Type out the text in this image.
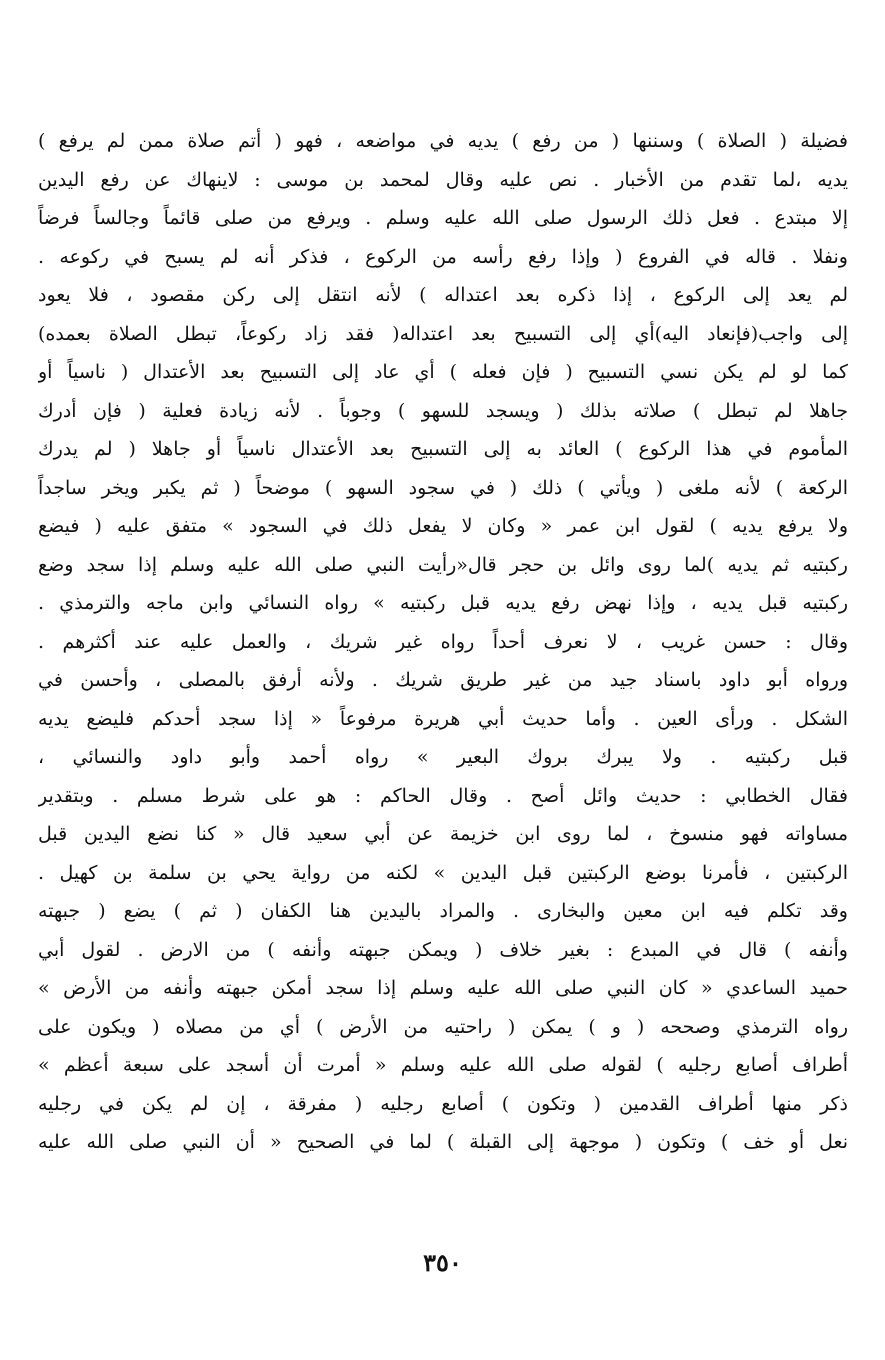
فضيلة ( الصلاة ) وسننها ( من رفع ) يديه في مواضعه ، فهو ( أتم صلاة ممن لم يرفع )
يديه ،لما تقدم من الأخبار . نص عليه وقال لمحمد بن موسى : لاينهاك عن رفع اليدين
إلا مبتدع . فعل ذلك الرسول صلى الله عليه وسلم . ويرفع من صلى قائماً وجالساً فرضاً
ونفلا . قاله في الفروع ( وإذا رفع رأسه من الركوع ، فذكر أنه لم يسبح في ركوعه .
لم يعد إلى الركوع ، إذا ذكره بعد اعتداله ) لأنه انتقل إلى ركن مقصود ، فلا يعود
إلى واجب(فإنعاد اليه)أي إلى التسبيح بعد اعتداله( فقد زاد ركوعاً، تبطل الصلاة بعمده)
كما لو لم يكن نسي التسبيح ( فإن فعله ) أي عاد إلى التسبيح بعد الأعتدال ( ناسياً أو
جاهلا لم تبطل ) صلاته بذلك ( ويسجد للسهو ) وجوباً . لأنه زيادة فعلية ( فإن أدرك
المأموم في هذا الركوع ) العائد به إلى التسبيح بعد الأعتدال ناسياً أو جاهلا ( لم يدرك
الركعة ) لأنه ملغى ( ويأتي ) ذلك ( في سجود السهو ) موضحاً ( ثم يكبر ويخر ساجداً
ولا يرفع يديه ) لقول ابن عمر « وكان لا يفعل ذلك في السجود » متفق عليه ( فيضع
ركبتيه ثم يديه )لما روى وائل بن حجر قال«رأيت النبي صلى الله عليه وسلم إذا سجد وضع
ركبتيه قبل يديه ، وإذا نهض رفع يديه قبل ركبتيه » رواه النسائي وابن ماجه والترمذي .
وقال : حسن غريب ، لا نعرف أحداً رواه غير شريك ، والعمل عليه عند أكثرهم .
ورواه أبو داود باسناد جيد من غير طريق شريك . ولأنه أرفق بالمصلى ، وأحسن في
الشكل . ورأى العين . وأما حديث أبي هريرة مرفوعاً « إذا سجد أحدكم فليضع يديه
قبل ركبتيه . ولا يبرك بروك البعير » رواه أحمد وأبو داود والنسائي ،
فقال الخطابي : حديث وائل أصح . وقال الحاكم : هو على شرط مسلم . وبتقدير
مساواته فهو منسوخ ، لما روى ابن خزيمة عن أبي سعيد قال « كنا نضع اليدين قبل
الركبتين ، فأمرنا بوضع الركبتين قبل اليدين » لكنه من رواية يحي بن سلمة بن كهيل .
وقد تكلم فيه ابن معين والبخارى . والمراد باليدين هنا الكفان ( ثم ) يضع ( جبهته
وأنفه ) قال في المبدع : بغير خلاف ( ويمكن جبهته وأنفه ) من الارض . لقول أبي
حميد الساعدي « كان النبي صلى الله عليه وسلم إذا سجد أمكن جبهته وأنفه من الأرض »
رواه الترمذي وصححه ( و ) يمكن ( راحتيه من الأرض ) أي من مصلاه ( ويكون على
أطراف أصابع رجليه ) لقوله صلى الله عليه وسلم « أمرت أن أسجد على سبعة أعظم »
ذكر منها أطراف القدمين ( وتكون ) أصابع رجليه ( مفرقة ، إن لم يكن في رجليه
نعل أو خف ) وتكون ( موجهة إلى القبلة ) لما في الصحيح « أن النبي صلى الله عليه
٣٥٠
